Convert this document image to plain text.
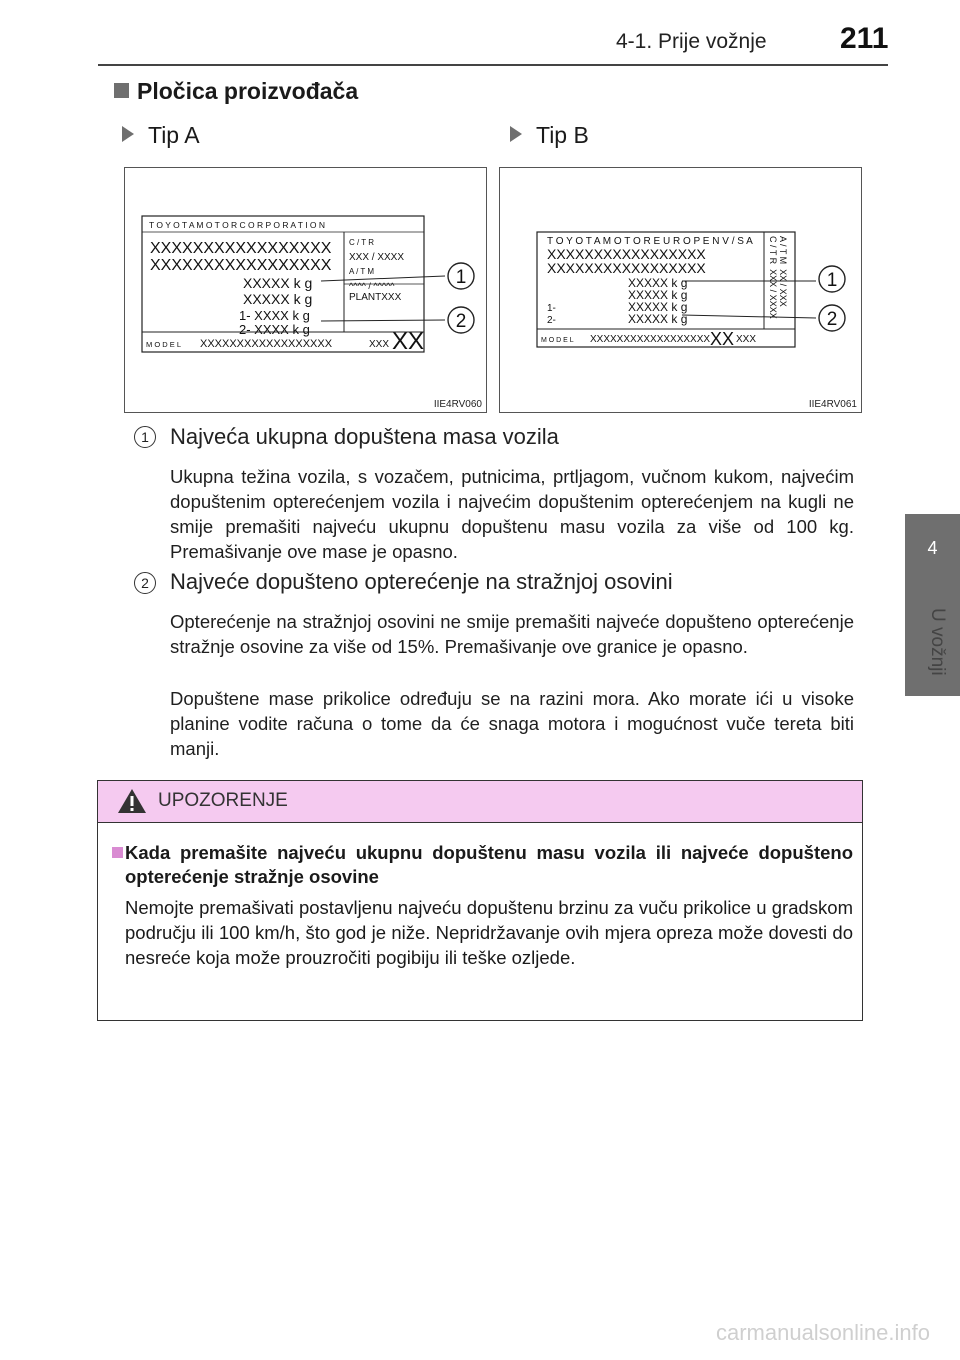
4-1. Prije vožnje 211
4
U vožnji
Pločica proizvođača
Tip A	Tip B
T O Y O T A M O T O R C O R P O R A T I O N
XXXXXXXXXXXXXXXXX
XXXXXXXXXXXXXXXXX
C / T R
XXX / XXXX
A / T M
^^^^ / ^^^^^
PLANTXXX
XXXXX k g
XXXXX k g
1- XXXX k g
2- XXXX k g
M O D E L XXXXXXXXXXXXXXXXXX	XXX XX
1
2
IIE4RV060
T O Y O T A M O T O R E U R O P E N V / S A
XXXXXXXXXXXXXXXXX
XXXXXXXXXXXXXXXXX
XXXXX k g
XXXXX k g
1-	XXXXX k g
2-	XXXXX k g
C / T R  XXX / XXXX A / T M  XX / XXX
M O D E L XXXXXXXXXXXXXXXXXX XX XXX
1
2
IIE4RV061
1 Najveća ukupna dopuštena masa vozila
Ukupna težina vozila, s vozačem, putnicima, prtljagom, vučnom kukom, najvećim dopuštenim opterećenjem vozila i najvećim dopuštenim opterećenjem na kugli ne smije premašiti najveću ukupnu dopuštenu masu vozila za više od 100 kg. Premašivanje ove mase je opasno.
2 Najveće dopušteno opterećenje na stražnjoj osovini
Opterećenje na stražnjoj osovini ne smije premašiti najveće dopušteno opterećenje stražnje osovine za više od 15%. Premašivanje ove granice je opasno.
Dopuštene mase prikolice određuju se na razini mora. Ako morate ići u visoke planine vodite računa o tome da će snaga motora i mogućnost vuče tereta biti manji.
UPOZORENJE
Kada premašite najveću ukupnu dopuštenu masu vozila ili najveće dopušteno opterećenje stražnje osovine
Nemojte premašivati postavljenu najveću dopuštenu brzinu za vuču prikolice u gradskom području ili 100 km/h, što god je niže. Nepridržavanje ovih mjera opreza može dovesti do nesreće koja može prouzročiti pogibiju ili teške ozljede.
carmanualsonline.info
